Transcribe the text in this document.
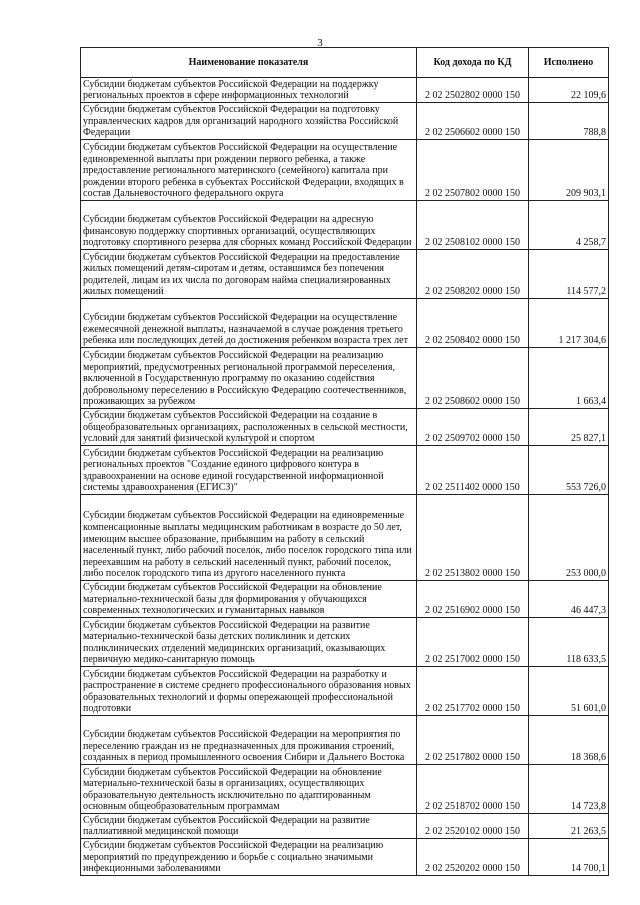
3
Наименование показателя	Код дохода по КД	Исполнено
Субсидии бюджетам субъектов Российской Федерации на поддержку региональных проектов в сфере информационных технологий	2 02 2502802 0000 150	22 109,6
Субсидии бюджетам субъектов Российской Федерации на подготовку управленческих кадров для организаций народного хозяйства Российской Федерации	2 02 2506602 0000 150	788,8
Субсидии бюджетам субъектов Российской Федерации на осуществление единовременной выплаты при рождении первого ребенка, а также предоставление регионального материнского (семейного) капитала при рождении второго ребенка в субъектах Российской Федерации, входящих в состав Дальневосточного федерального округа	2 02 2507802 0000 150	209 903,1
Субсидии бюджетам субъектов Российской Федерации на адресную финансовую поддержку спортивных организаций, осуществляющих подготовку спортивного резерва для сборных команд Российской Федерации	2 02 2508102 0000 150	4 258,7
Субсидии бюджетам субъектов Российской Федерации на предоставление жилых помещений детям-сиротам и детям, оставшимся без попечения родителей, лицам из их числа по договорам найма специализированных жилых помещений	2 02 2508202 0000 150	114 577,2
Субсидии бюджетам субъектов Российской Федерации на осуществление ежемесячной денежной выплаты, назначаемой в случае рождения третьего ребенка или последующих детей до достижения ребенком возраста трех лет	2 02 2508402 0000 150	1 217 304,6
Субсидии бюджетам субъектов Российской Федерации на реализацию мероприятий, предусмотренных региональной программой переселения, включенной в Государственную программу по оказанию содействия добровольному переселению в Российскую Федерацию соотечественников, проживающих за рубежом	2 02 2508602 0000 150	1 663,4
Субсидии бюджетам субъектов Российской Федерации на создание в общеобразовательных организациях, расположенных в сельской местности, условий для занятий физической культурой и спортом	2 02 2509702 0000 150	25 827,1
Субсидии бюджетам субъектов Российской Федерации на реализацию региональных проектов "Создание единого цифрового контура в здравоохранении на основе единой государственной информационной системы здравоохранения (ЕГИСЗ)"	2 02 2511402 0000 150	553 726,0
Субсидии бюджетам субъектов Российской Федерации на единовременные компенсационные выплаты медицинским работникам в возрасте до 50 лет, имеющим высшее образование, прибывшим на работу в сельский населенный пункт, либо рабочий поселок, либо поселок городского типа или переехавшим на работу в сельский населенный пункт, рабочий поселок, либо поселок городского типа из другого населенного пункта	2 02 2513802 0000 150	253 000,0
Субсидии бюджетам субъектов Российской Федерации на обновление материально-технической базы для формирования у обучающихся современных технологических и гуманитарных навыков	2 02 2516902 0000 150	46 447,3
Субсидии бюджетам субъектов Российской Федерации на развитие материально-технической базы детских поликлиник и детских поликлинических отделений медицинских организаций, оказывающих первичную медико-санитарную помощь	2 02 2517002 0000 150	118 633,5
Субсидии бюджетам субъектов Российской Федерации на разработку и распространение в системе среднего профессионального образования новых образовательных технологий и формы опережающей профессиональной подготовки	2 02 2517702 0000 150	51 601,0
Субсидии бюджетам субъектов Российской Федерации на мероприятия по переселению граждан из не предназначенных для проживания строений, созданных в период промышленного освоения Сибири и Дальнего Востока	2 02 2517802 0000 150	18 368,6
Субсидии бюджетам субъектов Российской Федерации на обновление материально-технической базы в организациях, осуществляющих образовательную деятельность исключительно по адаптированным основным общеобразовательным программам	2 02 2518702 0000 150	14 723,8
Субсидии бюджетам субъектов Российской Федерации на развитие паллиативной медицинской помощи	2 02 2520102 0000 150	21 263,5
Субсидии бюджетам субъектов Российской Федерации на реализацию мероприятий по предупреждению и борьбе с социально значимыми инфекционными заболеваниями	2 02 2520202 0000 150	14 700,1
